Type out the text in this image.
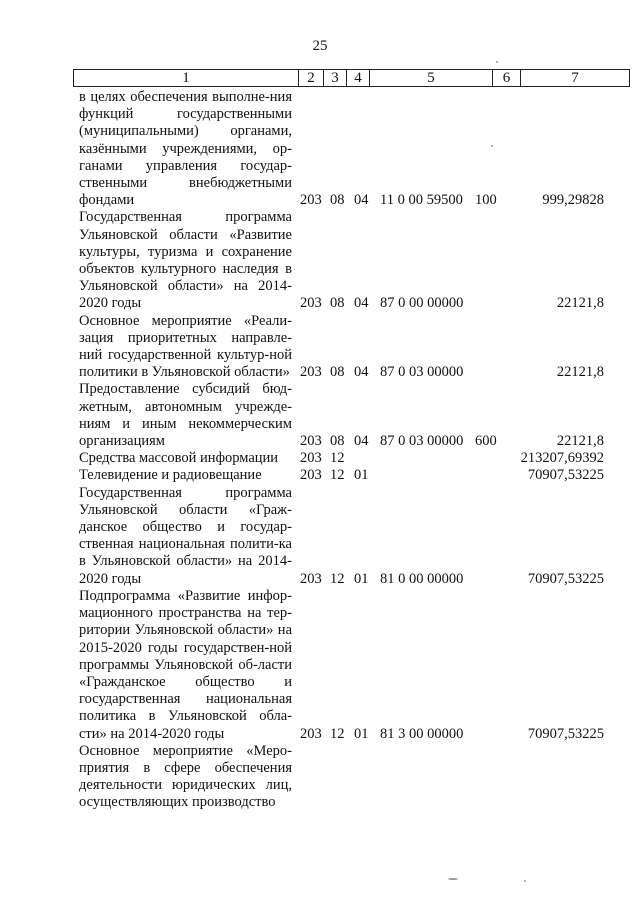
25
1	2	3	4	5	6	7
в целях обеспечения выполне-ния функций государственными (муниципальными) органами, казёнными учреждениями, ор-ганами управления государ-ственными внебюджетными фондами	203 08 04 11 0 00 59500 100	999,29828
Государственная программа Ульяновской области «Развитие культуры, туризма и сохранение объектов культурного наследия в Ульяновской области» на 2014-2020 годы	203 08 04 87 0 00 00000	22121,8
Основное мероприятие «Реали-зация приоритетных направле-ний государственной культур-ной политики в Ульяновской области» 203 08 04 87 0 03 00000	22121,8
Предоставление субсидий бюд-жетным, автономным учрежде-ниям и иным некоммерческим организациям	203 08 04 87 0 03 00000 600	22121,8
Средства массовой информации	203 12	213207,69392
Телевидение и радиовещание	203 12 01	70907,53225
Государственная программа Ульяновской области «Граж-данское общество и государ-ственная национальная полити-ка в Ульяновской области» на 2014-2020 годы	203 12 01 81 0 00 00000	70907,53225
Подпрограмма «Развитие инфор-мационного пространства на тер-ритории Ульяновской области» на 2015-2020 годы государствен-ной программы Ульяновской об-ласти «Гражданское общество и государственная национальная политика в Ульяновской обла-сти» на 2014-2020 годы	203 12 01 81 3 00 00000	70907,53225
Основное мероприятие «Меро-приятия в сфере обеспечения деятельности юридических лиц, осуществляющих производство
